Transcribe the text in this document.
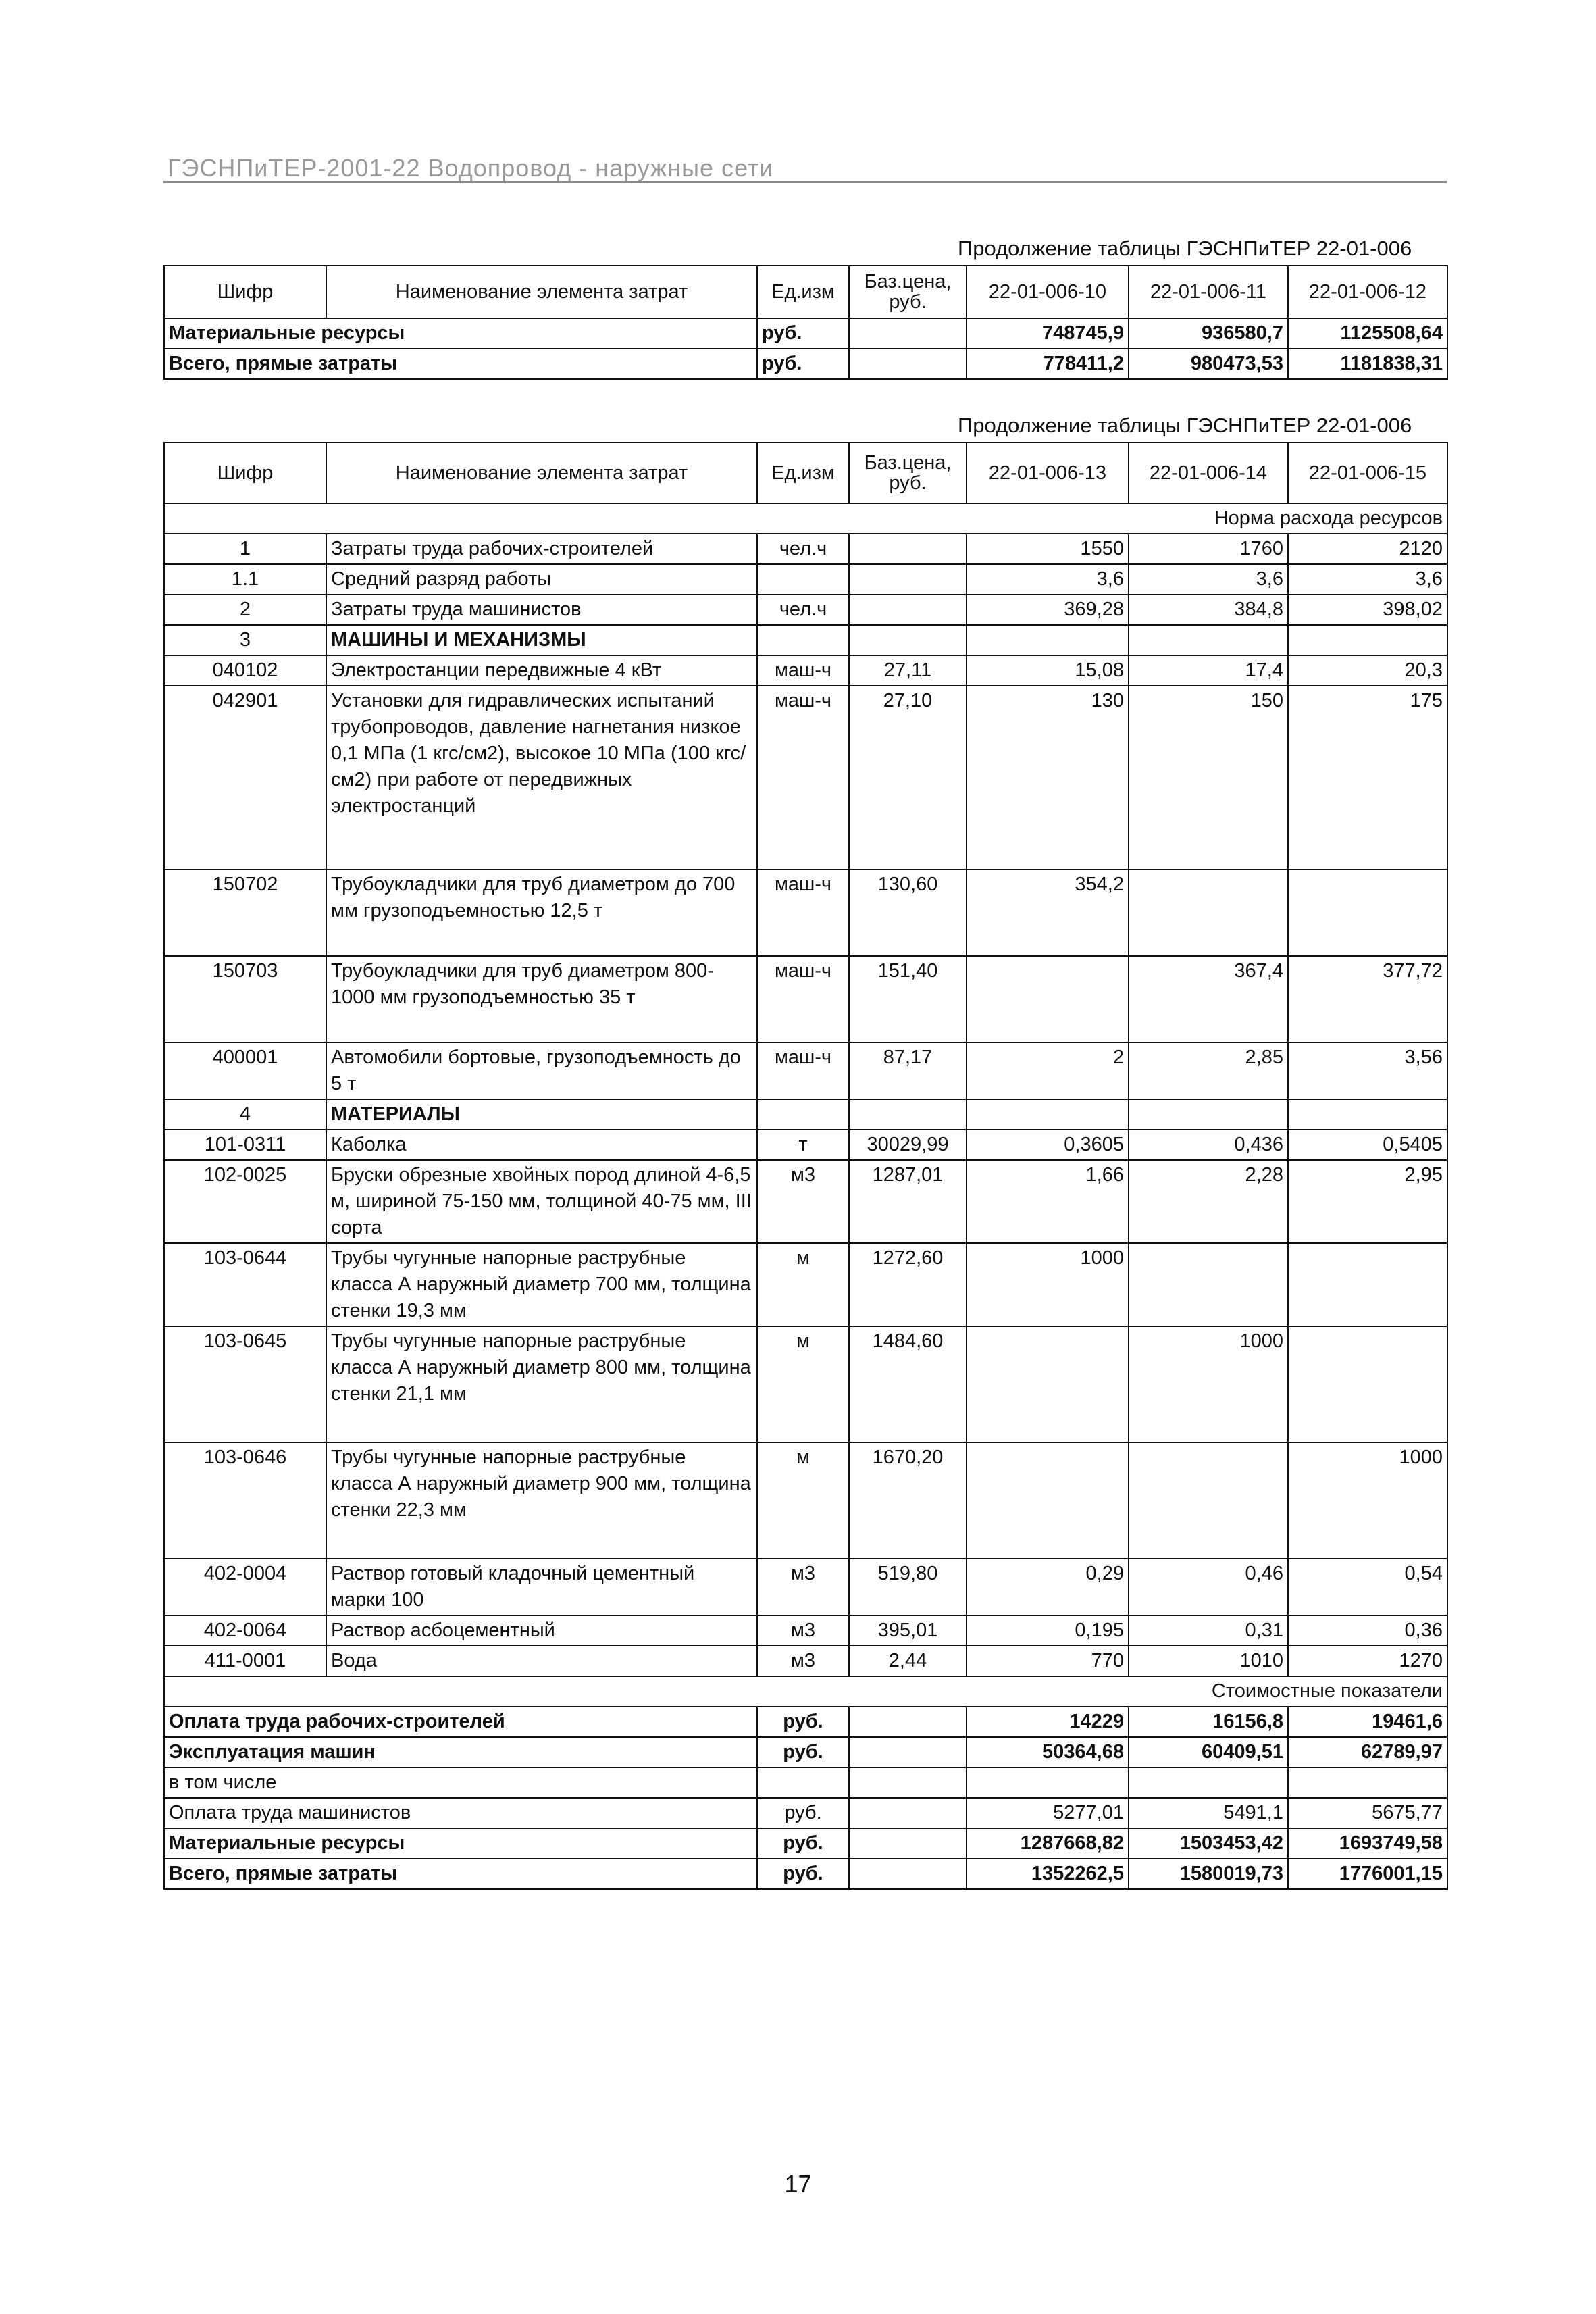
ГЭСНПиТЕР-2001-22 Водопровод - наружные сети
Продолжение таблицы ГЭСНПиТЕР 22-01-006
Шифр	Наименование элемента затрат	Ед.изм	Баз.цена, руб.	22-01-006-10	22-01-006-11	22-01-006-12
Материальные ресурсы		руб.		748745,9	936580,7	1125508,64
Всего, прямые затраты		руб.		778411,2	980473,53	1181838,31
Продолжение таблицы ГЭСНПиТЕР 22-01-006
Шифр	Наименование элемента затрат	Ед.изм	Баз.цена, руб.	22-01-006-13	22-01-006-14	22-01-006-15
Норма расхода ресурсов						
1	Затраты труда рабочих-строителей	чел.ч		1550	1760	2120
1.1	Средний разряд работы			3,6	3,6	3,6
2	Затраты труда машинистов	чел.ч		369,28	384,8	398,02
3	МАШИНЫ И МЕХАНИЗМЫ					
040102	Электростанции передвижные 4 кВт	маш-ч	27,11	15,08	17,4	20,3
042901	Установки для гидравлических испытаний трубопроводов, давление нагнетания низкое 0,1 МПа (1 кгс/см2), высокое 10 МПа (100 кгс/см2) при работе от передвижных электростанций	маш-ч	27,10	130	150	175
150702	Трубоукладчики для труб диаметром до 700 мм грузоподъемностью 12,5 т	маш-ч	130,60	354,2		
150703	Трубоукладчики для труб диаметром 800-1000 мм грузоподъемностью 35 т	маш-ч	151,40		367,4	377,72
400001	Автомобили бортовые, грузоподъемность до 5 т	маш-ч	87,17	2	2,85	3,56
4	МАТЕРИАЛЫ					
101-0311	Каболка	т	30029,99	0,3605	0,436	0,5405
102-0025	Бруски обрезные хвойных пород длиной 4-6,5 м, шириной 75-150 мм, толщиной 40-75 мм, III сорта	м3	1287,01	1,66	2,28	2,95
103-0644	Трубы чугунные напорные раструбные класса А наружный диаметр 700 мм, толщина стенки 19,3 мм	м	1272,60	1000		
103-0645	Трубы чугунные напорные раструбные класса А наружный диаметр 800 мм, толщина стенки 21,1 мм	м	1484,60		1000	
103-0646	Трубы чугунные напорные раструбные класса А наружный диаметр 900 мм, толщина стенки 22,3 мм	м	1670,20			1000
402-0004	Раствор готовый кладочный цементный марки 100	м3	519,80	0,29	0,46	0,54
402-0064	Раствор асбоцементный	м3	395,01	0,195	0,31	0,36
411-0001	Вода	м3	2,44	770	1010	1270
Стоимостные показатели						
Оплата труда рабочих-строителей		руб.		14229	16156,8	19461,6
Эксплуатация машин		руб.		50364,68	60409,51	62789,97
в том числе						
Оплата труда машинистов		руб.		5277,01	5491,1	5675,77
Материальные ресурсы		руб.		1287668,82	1503453,42	1693749,58
Всего, прямые затраты		руб.		1352262,5	1580019,73	1776001,15
17
